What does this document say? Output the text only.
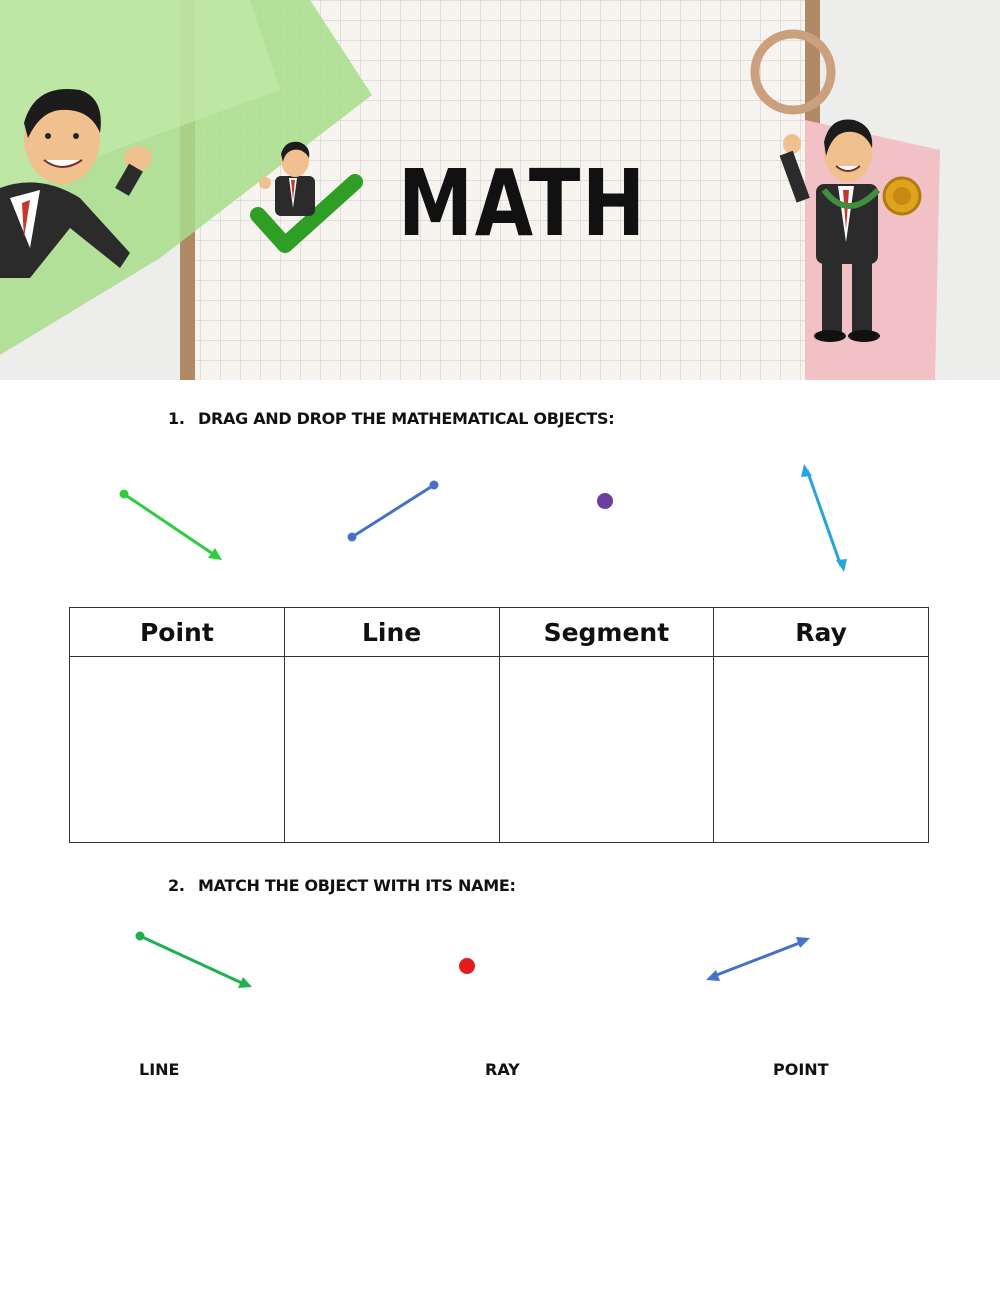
MATH
1. DRAG AND DROP THE MATHEMATICAL OBJECTS:
Point	Line	Segment	Ray

2. MATCH THE OBJECT WITH ITS NAME:
LINE	RAY	POINT
